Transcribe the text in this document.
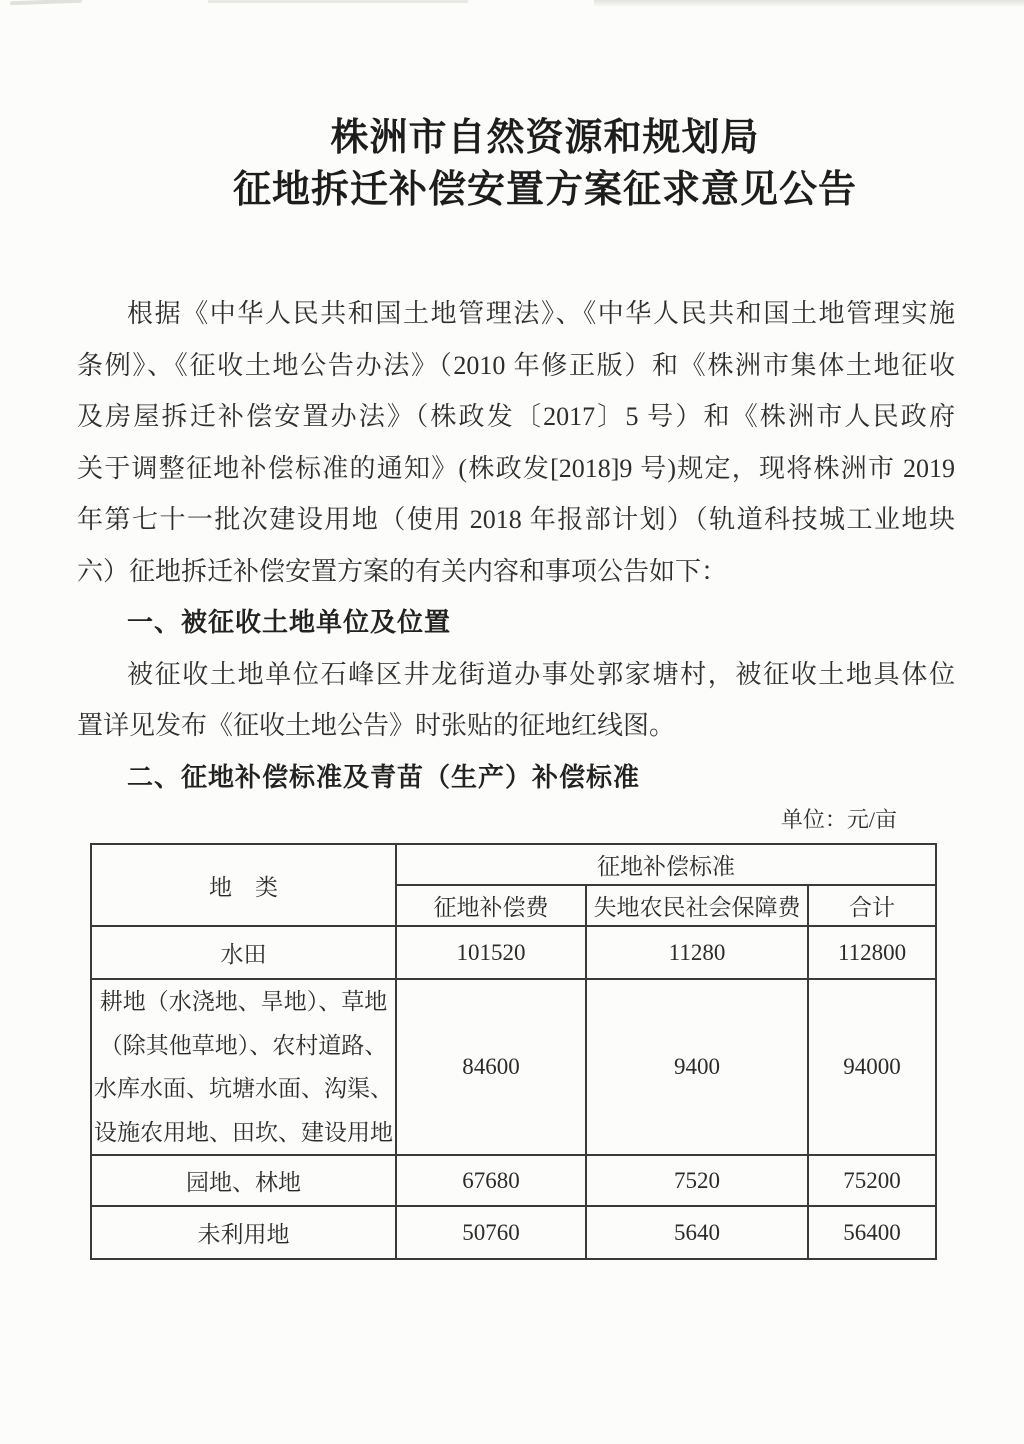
株洲市自然资源和规划局
征地拆迁补偿安置方案征求意见公告
根据《中华人民共和国土地管理法》、《中华人民共和国土地管理实施
条例》、《征收土地公告办法》（2010 年修正版）和《株洲市集体土地征收
及房屋拆迁补偿安置办法》（株政发〔2017〕5 号）和《株洲市人民政府
关于调整征地补偿标准的通知》(株政发[2018]9 号)规定，现将株洲市 2019
年第七十一批次建设用地（使用 2018 年报部计划）（轨道科技城工业地块
六）征地拆迁补偿安置方案的有关内容和事项公告如下：
一、被征收土地单位及位置
被征收土地单位石峰区井龙街道办事处郭家塘村，被征收土地具体位
置详见发布《征收土地公告》时张贴的征地红线图。
二、征地补偿标准及青苗（生产）补偿标准
单位：元/亩
地　类	征地补偿标准		
	征地补偿费	失地农民社会保障费	合计
水田	101520	11280	112800
耕地（水浇地、旱地）、草地（除其他草地）、农村道路、水库水面、坑塘水面、沟渠、设施农用地、田坎、建设用地	84600	9400	94000
园地、林地	67680	7520	75200
未利用地	50760	5640	56400
